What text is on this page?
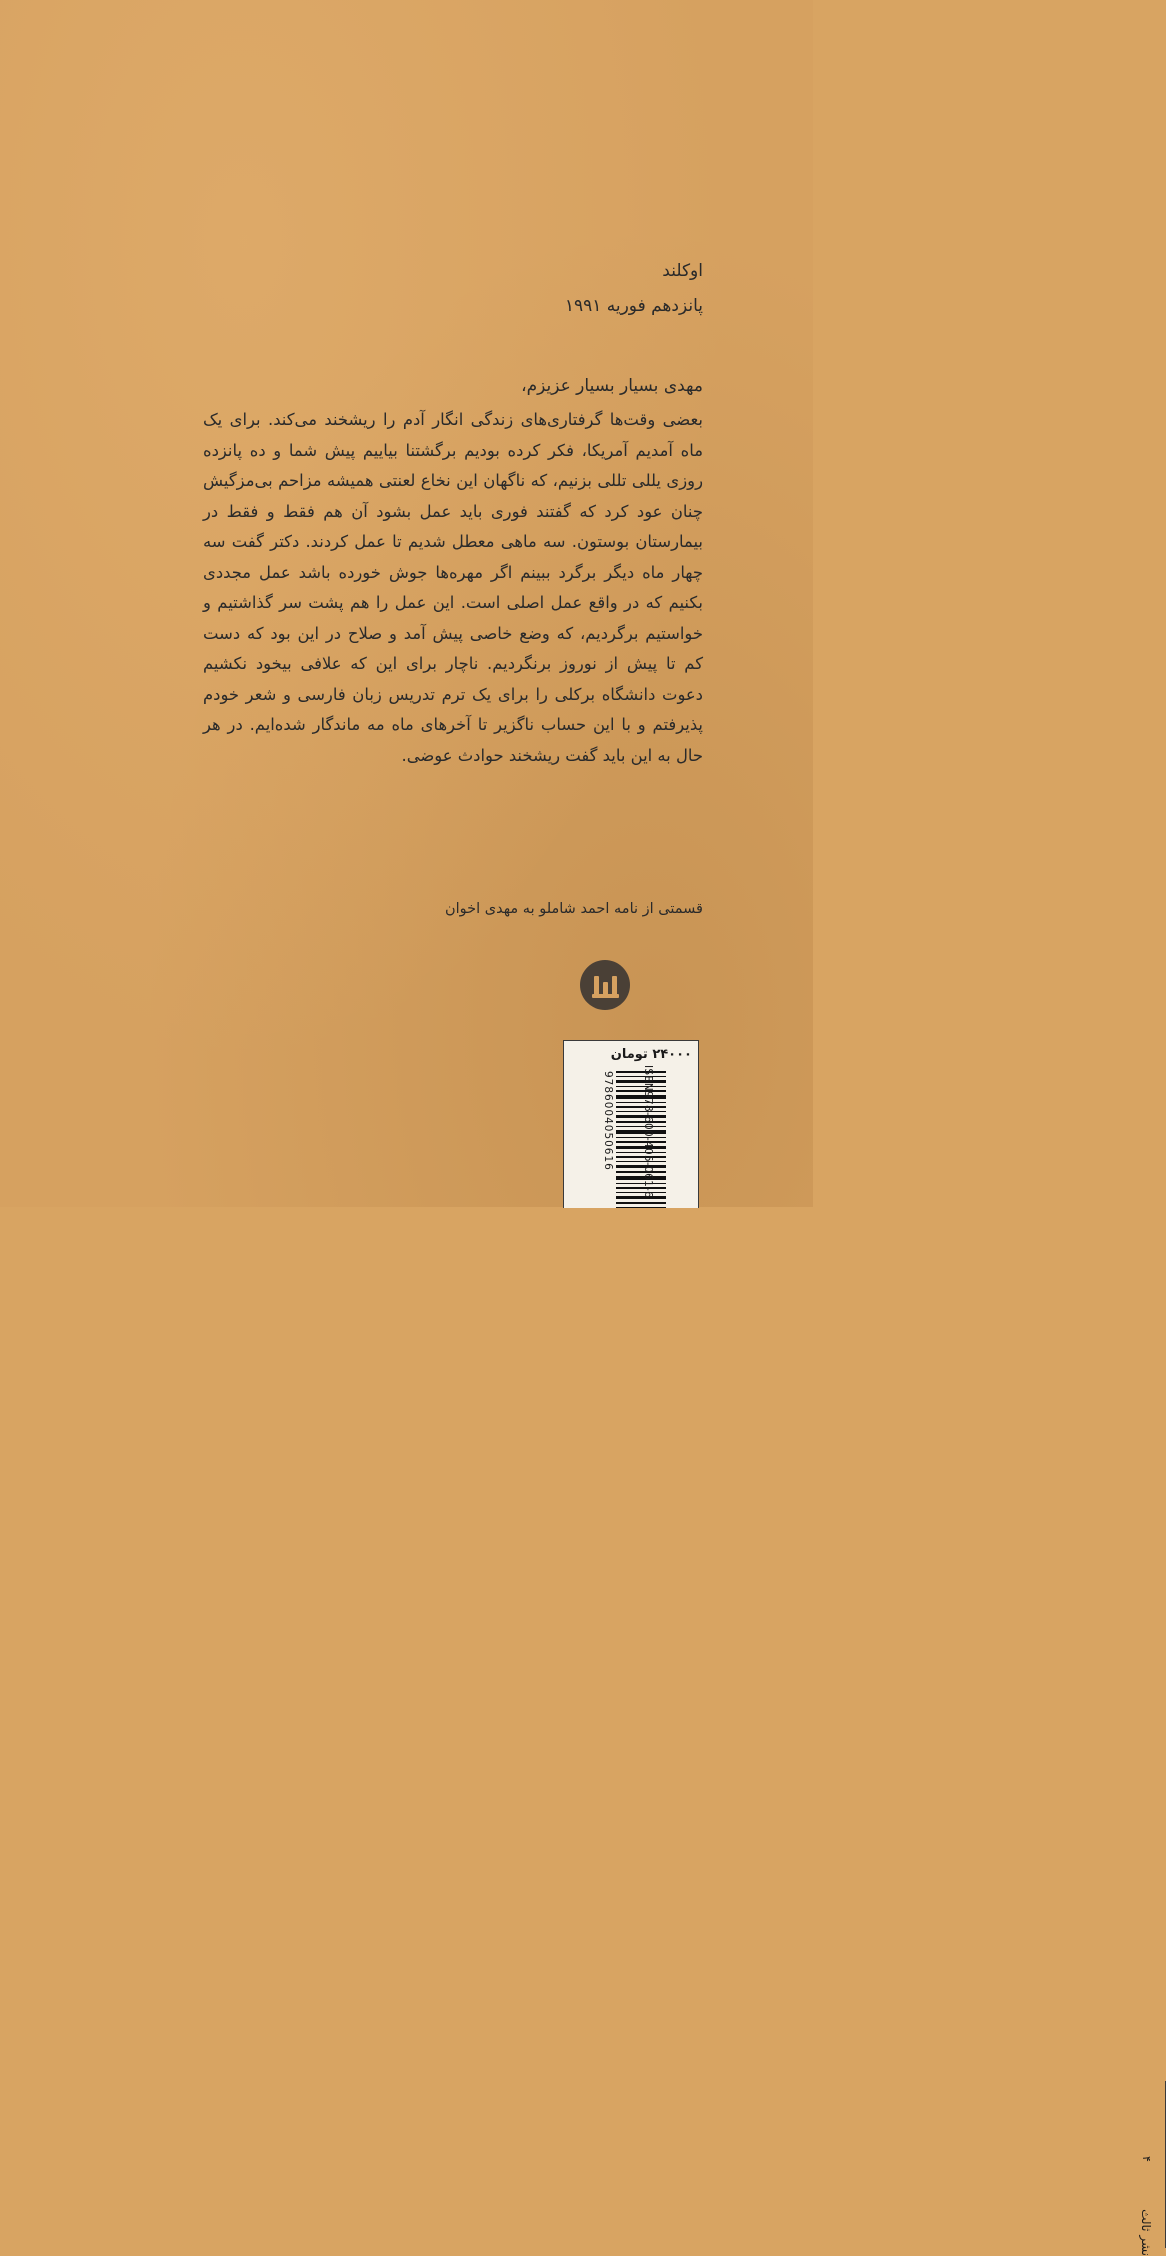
اوکلند
پانزدهم فوریه ۱۹۹۱
مهدی بسیار بسیار عزیزم،
بعضی وقت‌ها گرفتاری‌های زندگی انگار آدم را ریشخند می‌کند. برای یک ماه آمدیم آمریکا، فکر کرده بودیم برگشتنا بیاییم پیش شما و ده پانزده روزی یللی تللی بزنیم، که ناگهان این نخاع لعنتی همیشه مزاحم بی‌مزگیش چنان عود کرد که گفتند فوری باید عمل بشود آن هم فقط و فقط در بیمارستان بوستون. سه ماهی معطل شدیم تا عمل کردند. دکتر گفت سه چهار ماه دیگر برگرد ببینم اگر مهره‌ها جوش خورده باشد عمل مجددی بکنیم که در واقع عمل اصلی است. این عمل را هم پشت سر گذاشتیم و خواستیم برگردیم، که وضع خاصی پیش آمد و صلاح در این بود که دست کم تا پیش از نوروز برنگردیم. ناچار برای این که علافی بیخود نکشیم دعوت دانشگاه برکلی را برای یک ترم تدریس زبان فارسی و شعر خودم پذیرفتم و با این حساب ناگزیر تا آخرهای ماه مه ماندگار شده‌ایم. در هر حال به این باید گفت ریشخند حوادث عوضی.
قسمتی از نامه احمد شاملو به مهدی اخوان
۲۴۰۰۰ تومان
ISBN978-600-405-061-6
9786004050616
نشر ثالث
۴
